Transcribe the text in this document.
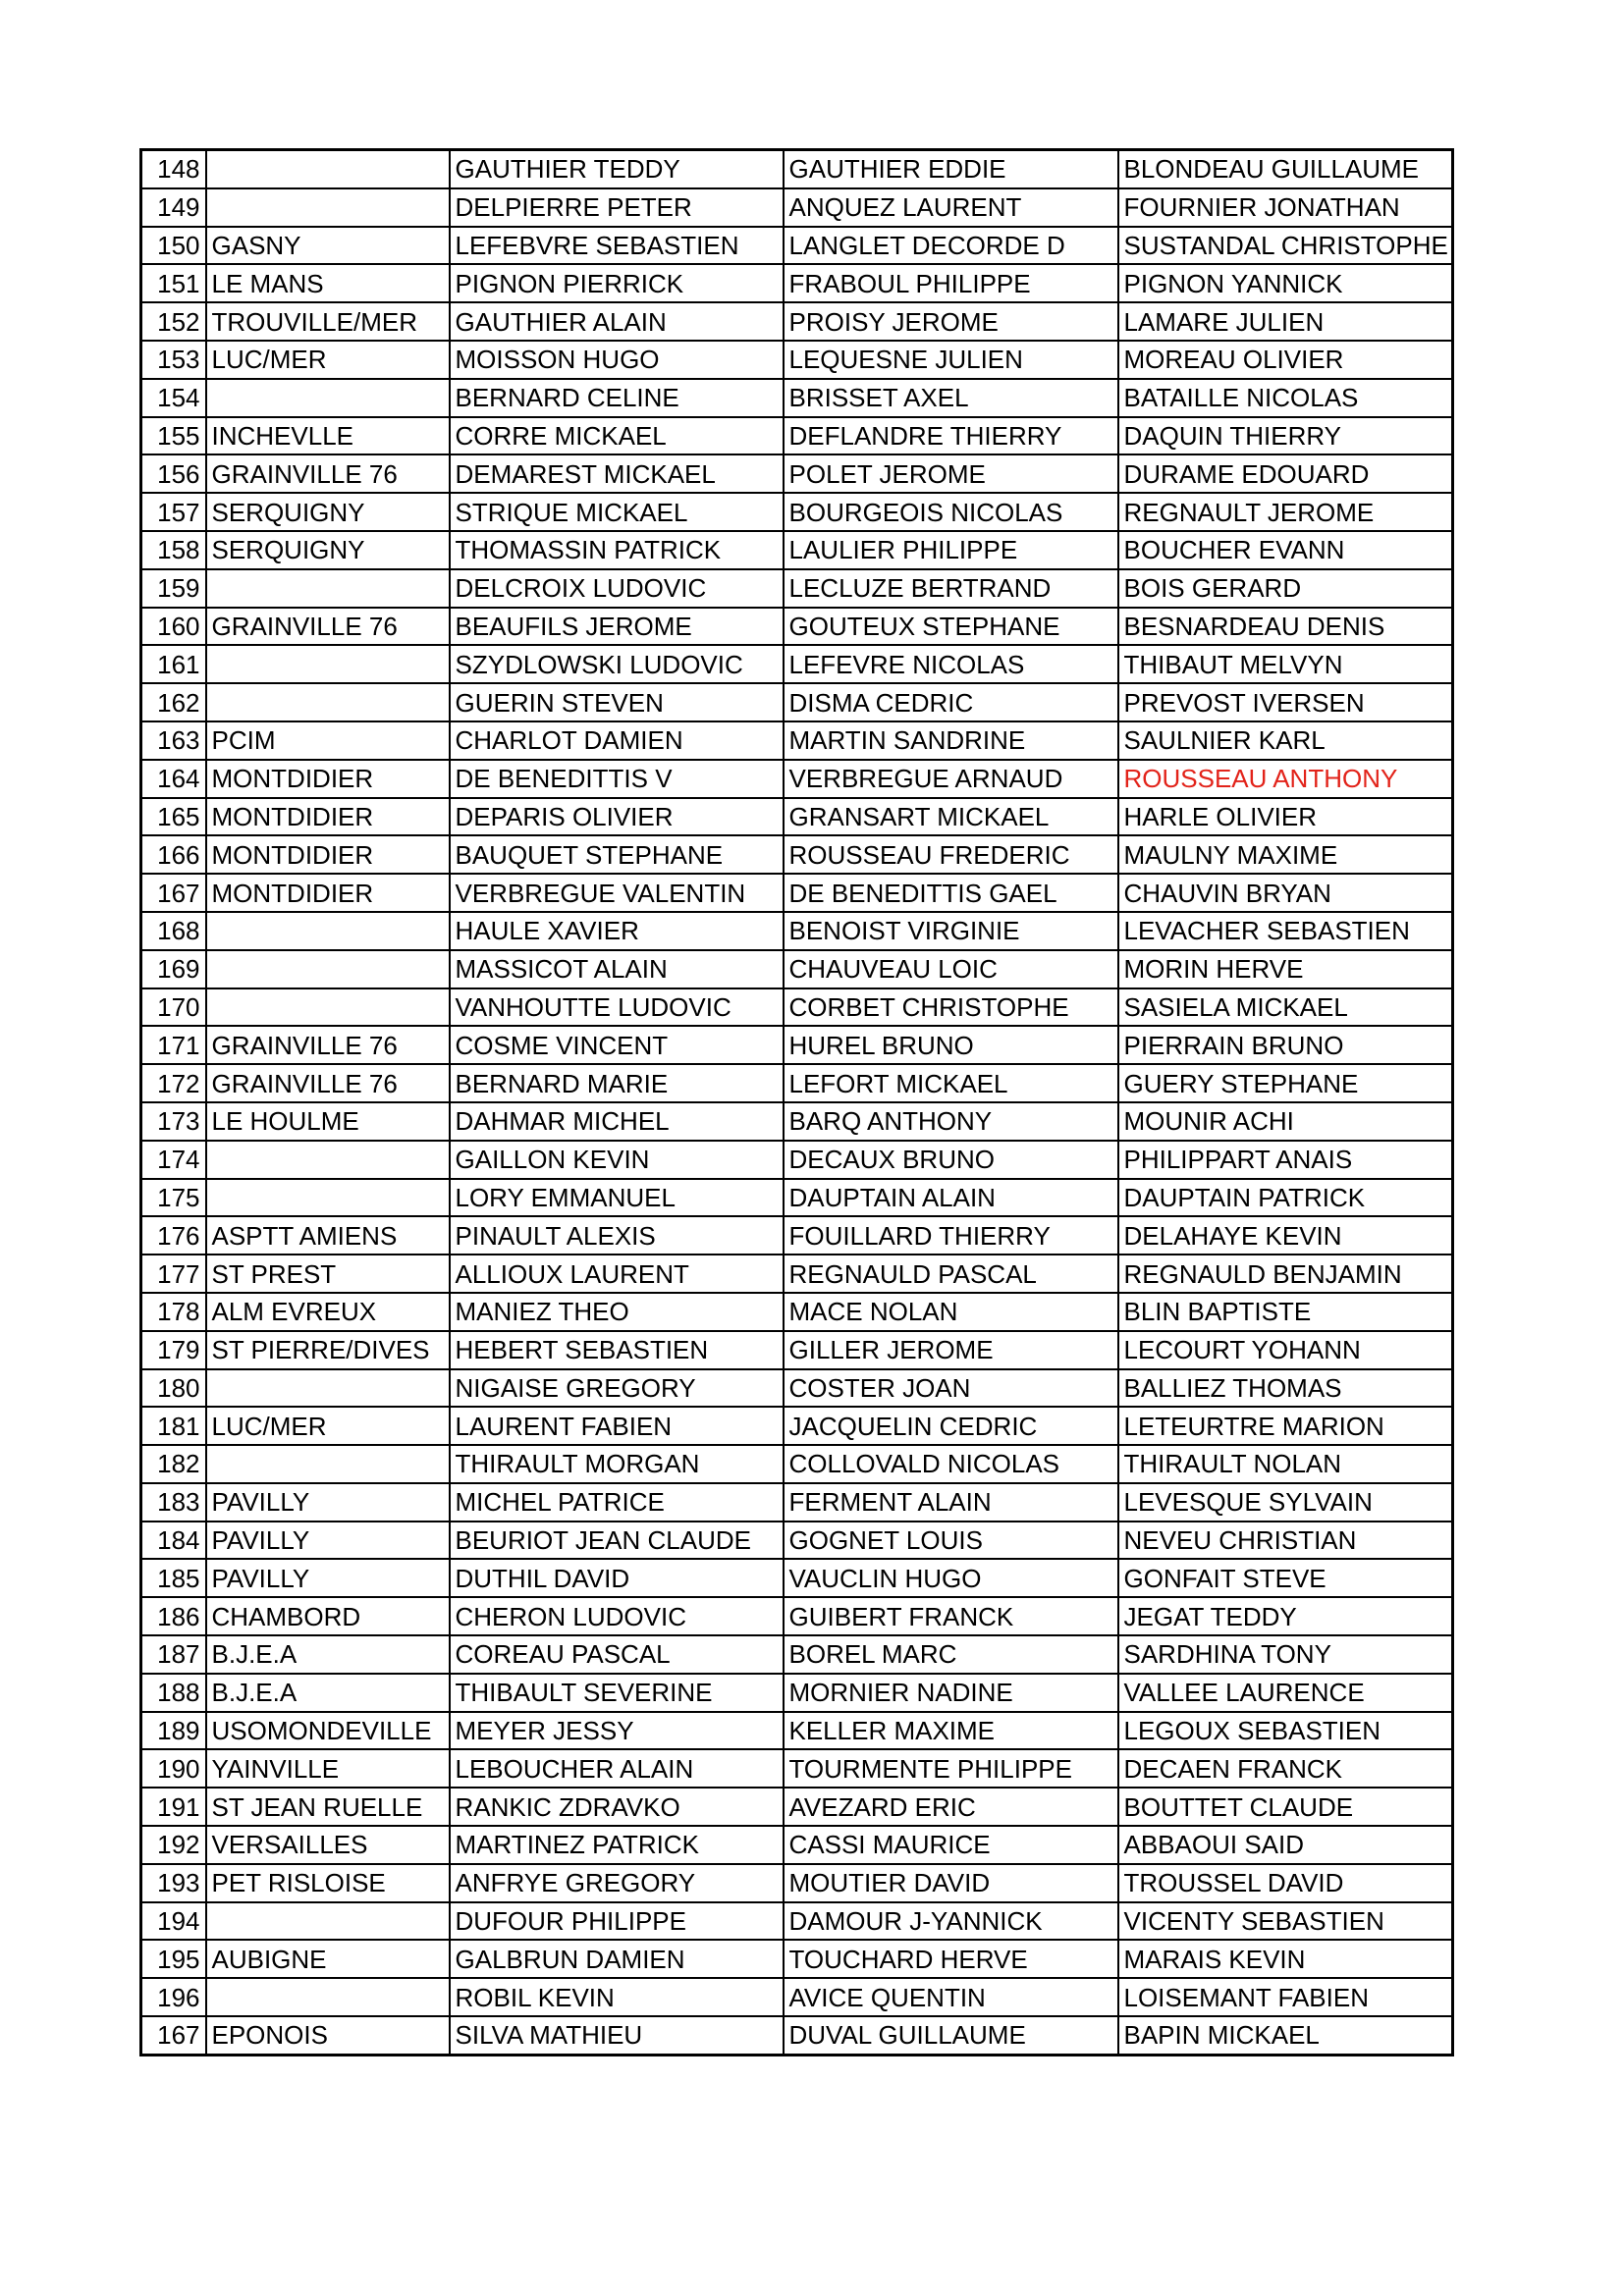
148		GAUTHIER TEDDY	GAUTHIER EDDIE	BLONDEAU GUILLAUME
149		DELPIERRE PETER	ANQUEZ LAURENT	FOURNIER JONATHAN
150	GASNY	LEFEBVRE SEBASTIEN	LANGLET DECORDE D	SUSTANDAL CHRISTOPHE
151	LE MANS	PIGNON PIERRICK	FRABOUL PHILIPPE	PIGNON YANNICK
152	TROUVILLE/MER	GAUTHIER ALAIN	PROISY JEROME	LAMARE JULIEN
153	LUC/MER	MOISSON HUGO	LEQUESNE JULIEN	MOREAU OLIVIER
154		BERNARD CELINE	BRISSET AXEL	BATAILLE NICOLAS
155	INCHEVLLE	CORRE MICKAEL	DEFLANDRE THIERRY	DAQUIN THIERRY
156	GRAINVILLE 76	DEMAREST MICKAEL	POLET JEROME	DURAME EDOUARD
157	SERQUIGNY	STRIQUE MICKAEL	BOURGEOIS NICOLAS	REGNAULT JEROME
158	SERQUIGNY	THOMASSIN PATRICK	LAULIER PHILIPPE	BOUCHER EVANN
159		DELCROIX LUDOVIC	LECLUZE BERTRAND	BOIS GERARD
160	GRAINVILLE 76	BEAUFILS JEROME	GOUTEUX STEPHANE	BESNARDEAU DENIS
161		SZYDLOWSKI LUDOVIC	LEFEVRE NICOLAS	THIBAUT MELVYN
162		GUERIN STEVEN	DISMA CEDRIC	PREVOST IVERSEN
163	PCIM	CHARLOT DAMIEN	MARTIN SANDRINE	SAULNIER KARL
164	MONTDIDIER	DE BENEDITTIS V	VERBREGUE ARNAUD	ROUSSEAU ANTHONY
165	MONTDIDIER	DEPARIS OLIVIER	GRANSART MICKAEL	HARLE OLIVIER
166	MONTDIDIER	BAUQUET STEPHANE	ROUSSEAU FREDERIC	MAULNY MAXIME
167	MONTDIDIER	VERBREGUE VALENTIN	DE BENEDITTIS GAEL	CHAUVIN BRYAN
168		HAULE XAVIER	BENOIST VIRGINIE	LEVACHER SEBASTIEN
169		MASSICOT ALAIN	CHAUVEAU LOIC	MORIN HERVE
170		VANHOUTTE LUDOVIC	CORBET CHRISTOPHE	SASIELA MICKAEL
171	GRAINVILLE 76	COSME VINCENT	HUREL BRUNO	PIERRAIN BRUNO
172	GRAINVILLE 76	BERNARD MARIE	LEFORT MICKAEL	GUERY STEPHANE
173	LE HOULME	DAHMAR MICHEL	BARQ ANTHONY	MOUNIR ACHI
174		GAILLON KEVIN	DECAUX BRUNO	PHILIPPART ANAIS
175		LORY EMMANUEL	DAUPTAIN ALAIN	DAUPTAIN PATRICK
176	ASPTT AMIENS	PINAULT ALEXIS	FOUILLARD THIERRY	DELAHAYE KEVIN
177	ST PREST	ALLIOUX LAURENT	REGNAULD PASCAL	REGNAULD BENJAMIN
178	ALM EVREUX	MANIEZ THEO	MACE NOLAN	BLIN BAPTISTE
179	ST PIERRE/DIVES	HEBERT SEBASTIEN	GILLER JEROME	LECOURT YOHANN
180		NIGAISE GREGORY	COSTER JOAN	BALLIEZ THOMAS
181	LUC/MER	LAURENT FABIEN	JACQUELIN CEDRIC	LETEURTRE MARION
182		THIRAULT MORGAN	COLLOVALD NICOLAS	THIRAULT NOLAN
183	PAVILLY	MICHEL PATRICE	FERMENT ALAIN	LEVESQUE SYLVAIN
184	PAVILLY	BEURIOT JEAN CLAUDE	GOGNET LOUIS	NEVEU CHRISTIAN
185	PAVILLY	DUTHIL DAVID	VAUCLIN HUGO	GONFAIT STEVE
186	CHAMBORD	CHERON LUDOVIC	GUIBERT FRANCK	JEGAT TEDDY
187	B.J.E.A	COREAU PASCAL	BOREL MARC	SARDHINA TONY
188	B.J.E.A	THIBAULT SEVERINE	MORNIER NADINE	VALLEE LAURENCE
189	USOMONDEVILLE	MEYER JESSY	KELLER MAXIME	LEGOUX SEBASTIEN
190	YAINVILLE	LEBOUCHER ALAIN	TOURMENTE PHILIPPE	DECAEN FRANCK
191	ST JEAN RUELLE	RANKIC ZDRAVKO	AVEZARD ERIC	BOUTTET CLAUDE
192	VERSAILLES	MARTINEZ PATRICK	CASSI MAURICE	ABBAOUI SAID
193	PET RISLOISE	ANFRYE GREGORY	MOUTIER DAVID	TROUSSEL DAVID
194		DUFOUR PHILIPPE	DAMOUR J-YANNICK	VICENTY SEBASTIEN
195	AUBIGNE	GALBRUN DAMIEN	TOUCHARD HERVE	MARAIS KEVIN
196		ROBIL KEVIN	AVICE QUENTIN	LOISEMANT FABIEN
167	EPONOIS	SILVA MATHIEU	DUVAL GUILLAUME	BAPIN MICKAEL
